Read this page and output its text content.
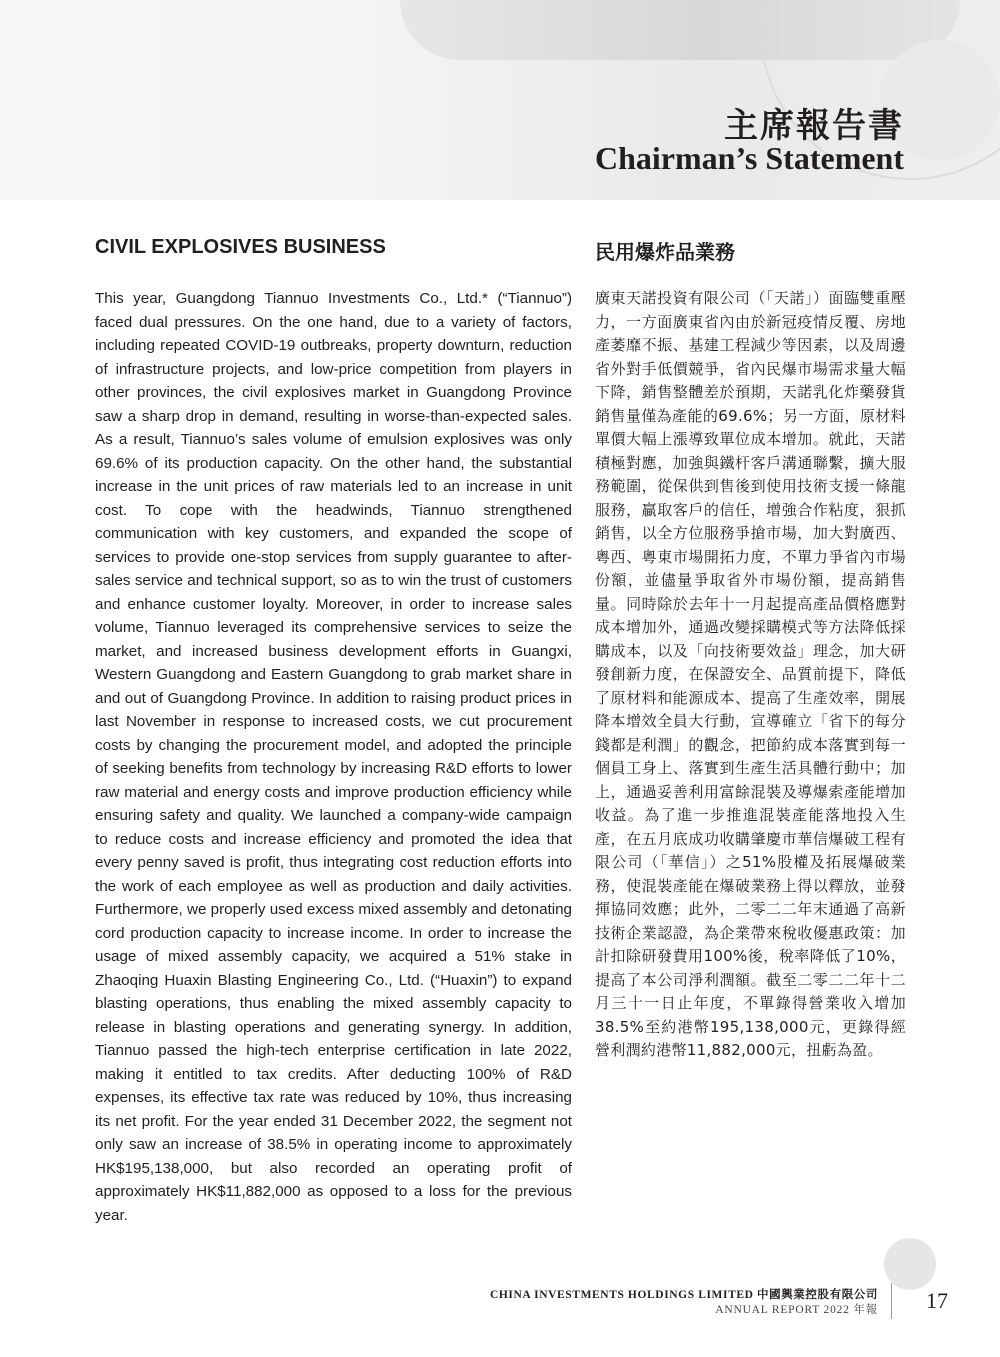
主席報告書
Chairman’s Statement
CIVIL EXPLOSIVES BUSINESS	民用爆炸品業務

This year, Guangdong Tiannuo Investments Co., Ltd.* (“Tiannuo”) faced dual pressures. On the one hand, due to a variety of factors, including repeated COVID-19 outbreaks, property downturn, reduction of infrastructure projects, and low-price competition from players in other provinces, the civil explosives market in Guangdong Province saw a sharp drop in demand, resulting in worse-than-expected sales. As a result, Tiannuo’s sales volume of emulsion explosives was only 69.6% of its production capacity. On the other hand, the substantial increase in the unit prices of raw materials led to an increase in unit cost. To cope with the headwinds, Tiannuo strengthened communication with key customers, and expanded the scope of services to provide one-stop services from supply guarantee to after-sales service and technical support, so as to win the trust of customers and enhance customer loyalty. Moreover, in order to increase sales volume, Tiannuo leveraged its comprehensive services to seize the market, and increased business development efforts in Guangxi, Western Guangdong and Eastern Guangdong to grab market share in and out of Guangdong Province. In addition to raising product prices in last November in response to increased costs, we cut procurement costs by changing the procurement model, and adopted the principle of seeking benefits from technology by increasing R&D efforts to lower raw material and energy costs and improve production efficiency while ensuring safety and quality. We launched a company-wide campaign to reduce costs and increase efficiency and promoted the idea that every penny saved is profit, thus integrating cost reduction efforts into the work of each employee as well as production and daily activities. Furthermore, we properly used excess mixed assembly and detonating cord production capacity to increase income. In order to increase the usage of mixed assembly capacity, we acquired a 51% stake in Zhaoqing Huaxin Blasting Engineering Co., Ltd. (“Huaxin”) to expand blasting operations, thus enabling the mixed assembly capacity to release in blasting operations and generating synergy. In addition, Tiannuo passed the high-tech enterprise certification in late 2022, making it entitled to tax credits. After deducting 100% of R&D expenses, its effective tax rate was reduced by 10%, thus increasing its net profit. For the year ended 31 December 2022, the segment not only saw an increase of 38.5% in operating income to approximately HK$195,138,000, but also recorded an operating profit of approximately HK$11,882,000 as opposed to a loss for the previous year.

廣東天諾投資有限公司（「天諾」）面臨雙重壓力，一方面廣東省內由於新冠疫情反覆、房地產萎靡不振、基建工程減少等因素，以及周邊省外對手低價競爭，省內民爆市場需求量大幅下降，銷售整體差於預期，天諾乳化炸藥發貨銷售量僅為產能的69.6%；另一方面，原材料單價大幅上漲導致單位成本增加。就此，天諾積極對應，加強與鐵杆客戶溝通聯繫，擴大服務範圍，從保供到售後到使用技術支援一條龍服務，贏取客戶的信任，增強合作粘度，狠抓銷售，以全方位服務爭搶市場，加大對廣西、粵西、粵東市場開拓力度，不單力爭省內市場份額，並儘量爭取省外市場份額，提高銷售量。同時除於去年十一月起提高產品價格應對成本增加外，通過改變採購模式等方法降低採購成本，以及「向技術要效益」理念，加大研發創新力度，在保證安全、品質前提下，降低了原材料和能源成本、提高了生產效率，開展降本增效全員大行動，宣導確立「省下的每分錢都是利潤」的觀念，把節約成本落實到每一個員工身上、落實到生產生活具體行動中；加上，通過妥善利用富餘混裝及導爆索產能增加收益。為了進一步推進混裝產能落地投入生產，在五月底成功收購肇慶市華信爆破工程有限公司（「華信」）之51%股權及拓展爆破業務，使混裝產能在爆破業務上得以釋放，並發揮協同效應；此外，二零二二年末通過了高新技術企業認證，為企業帶來稅收優惠政策：加計扣除研發費用100%後，稅率降低了10%，提高了本公司淨利潤額。截至二零二二年十二月三十一日止年度，不單錄得營業收入增加38.5%至約港幣195,138,000元，更錄得經營利潤約港幣11,882,000元，扭虧為盈。

CHINA INVESTMENTS HOLDINGS LIMITED 中國興業控股有限公司

ANNUAL REPORT 2022 年報 17
